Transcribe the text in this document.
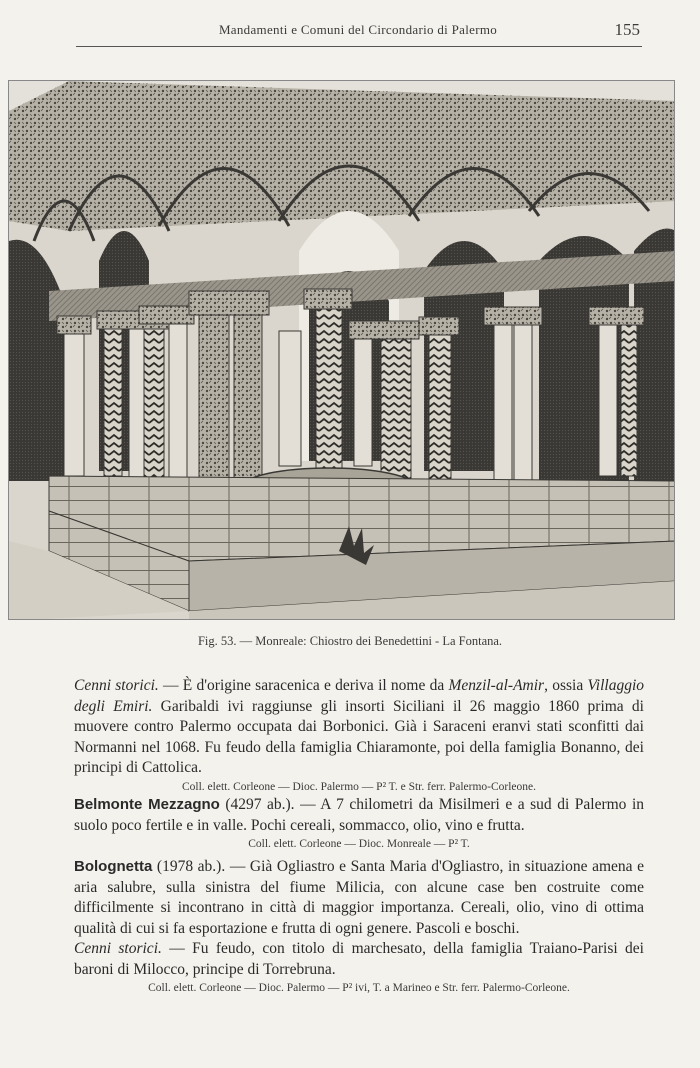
Mandamenti e Comuni del Circondario di Palermo	155
Fig. 53. — Monreale: Chiostro dei Benedettini - La Fontana.

Cenni storici. — È d'origine saracenica e deriva il nome da Menzil-al-Amir, ossia Villaggio degli Emiri. Garibaldi ivi raggiunse gli insorti Siciliani il 26 maggio 1860 prima di muovere contro Palermo occupata dai Borbonici. Già i Saraceni eranvi stati sconfitti dai Normanni nel 1068. Fu feudo della famiglia Chiaramonte, poi della famiglia Bonanno, dei principi di Cattolica.

Coll. elett. Corleone — Dioc. Palermo — P² T. e Str. ferr. Palermo-Corleone.

Belmonte Mezzagno (4297 ab.). — A 7 chilometri da Misilmeri e a sud di Palermo in suolo poco fertile e in valle. Pochi cereali, sommacco, olio, vino e frutta.

Coll. elett. Corleone — Dioc. Monreale — P² T.

Bolognetta (1978 ab.). — Già Ogliastro e Santa Maria d'Ogliastro, in situazione amena e aria salubre, sulla sinistra del fiume Milicia, con alcune case ben costruite come difficilmente si incontrano in città di maggior importanza. Cereali, olio, vino di ottima qualità di cui si fa esportazione e frutta di ogni genere. Pascoli e boschi.
Cenni storici. — Fu feudo, con titolo di marchesato, della famiglia Traiano-Parisi dei baroni di Milocco, principe di Torrebruna.

Coll. elett. Corleone — Dioc. Palermo — P² ivi, T. a Marineo e Str. ferr. Palermo-Corleone.
